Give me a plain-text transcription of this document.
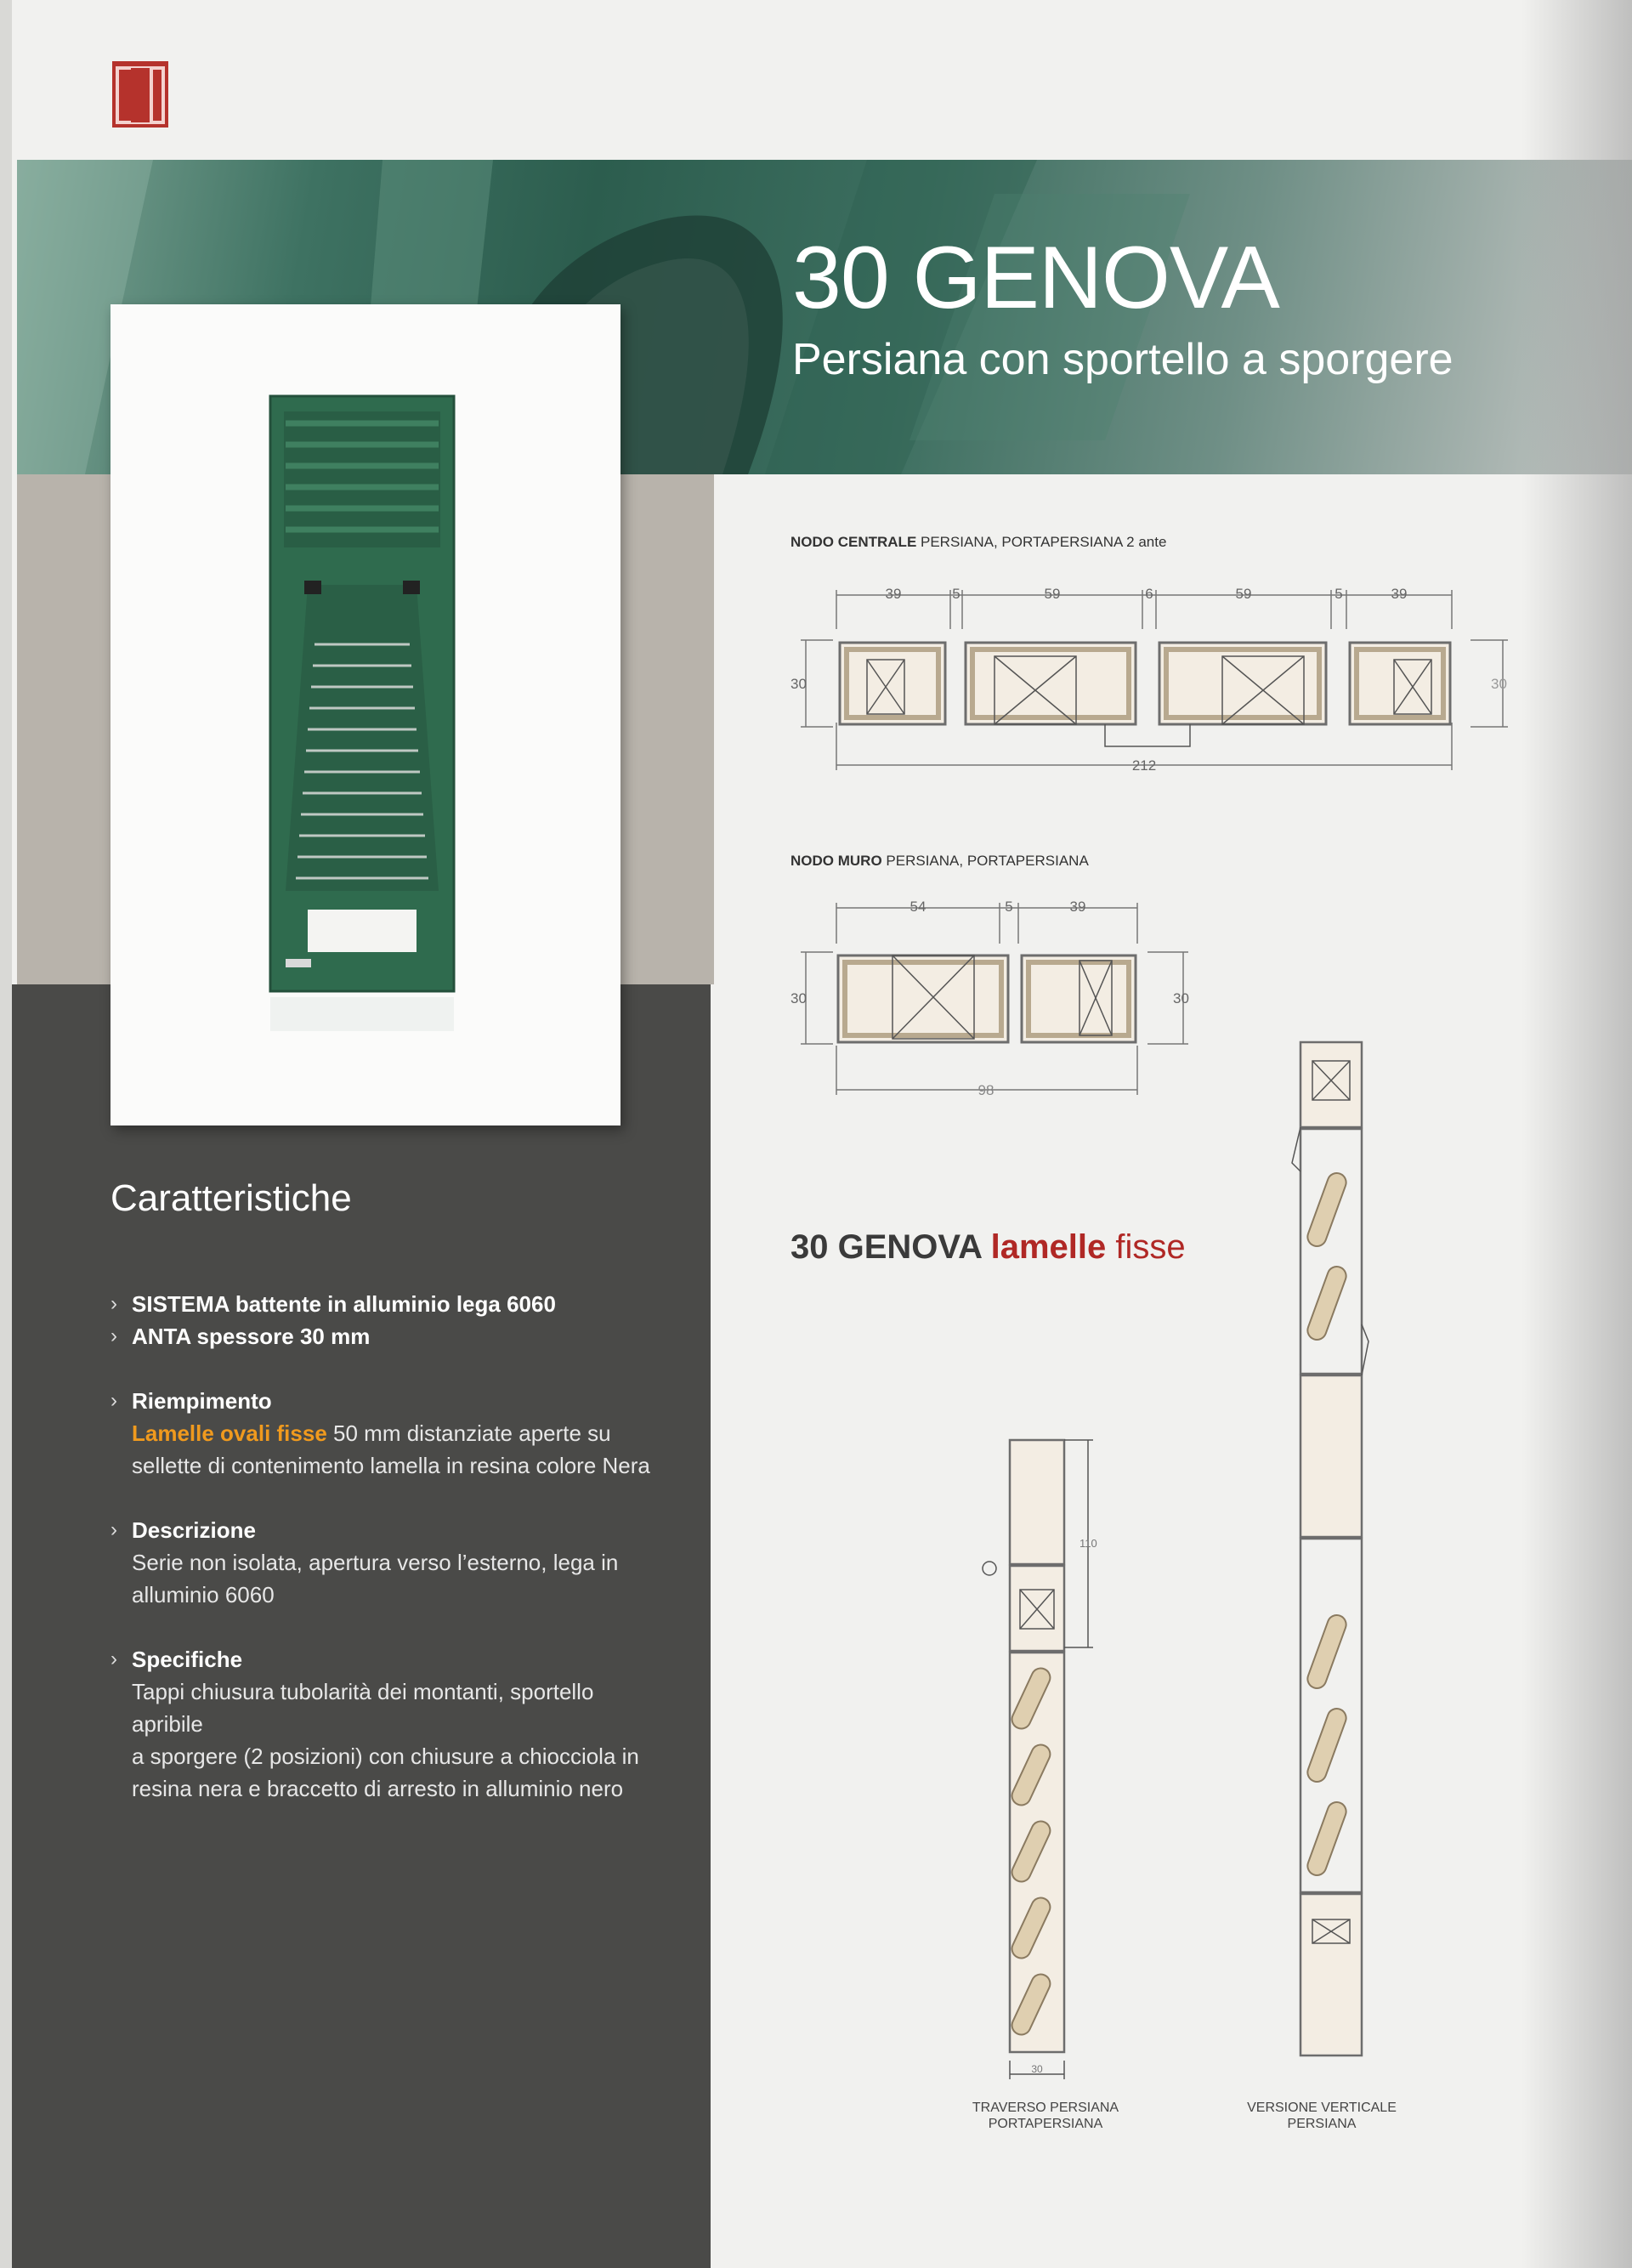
30 GENOVA
Persiana con sportello a sporgere
Caratteristiche
› SISTEMA battente in alluminio lega 6060
› ANTA spessore 30 mm
› Riempimento
Lamelle ovali fisse 50 mm distanziate aperte su
sellette di contenimento lamella in resina colore Nera
› Descrizione
Serie non isolata, apertura verso l’esterno, lega in
alluminio 6060
› Specifiche
Tappi chiusura tubolarità dei montanti, sportello apribile
a sporgere (2 posizioni) con chiusure a chiocciola in
resina nera e braccetto di arresto in alluminio nero
NODO CENTRALE PERSIANA, PORTAPERSIANA 2 ante
39	5	59	6	59	5	39
212
30	30
NODO MURO PERSIANA, PORTAPERSIANA
54	5	39
30	30
98
30 GENOVA lamelle fisse
110
30
TRAVERSO PERSIANA
PORTAPERSIANA
VERSIONE VERTICALE
PERSIANA
